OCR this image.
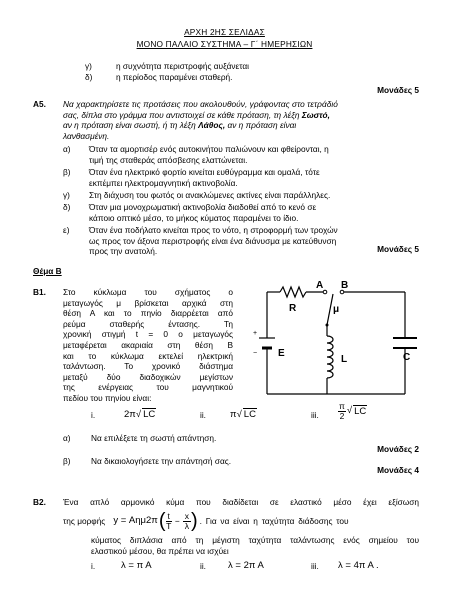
ΑΡΧΗ 2ΗΣ ΣΕΛΙΔΑΣ
ΜΟΝΟ ΠΑΛΑΙΟ ΣΥΣΤΗΜΑ – Γ΄ ΗΜΕΡΗΣΙΩΝ
γ)	η συχνότητα περιστροφής αυξάνεται
δ)	η περίοδος παραμένει σταθερή.
Μονάδες 5
Α5. Να χαρακτηρίσετε τις προτάσεις που ακολουθούν, γράφοντας στο τετράδιό
σας, δίπλα στο γράμμα που αντιστοιχεί σε κάθε πρόταση, τη λέξη Σωστό,
αν η πρόταση είναι σωστή, ή τη λέξη Λάθος, αν η πρόταση είναι
λανθασμένη.
α) Όταν τα αμορτισέρ ενός αυτοκινήτου παλιώνουν και φθείρονται, η
τιμή της σταθεράς απόσβεσης ελαττώνεται.
β) Όταν ένα ηλεκτρικό φορτίο κινείται ευθύγραμμα και ομαλά, τότε
εκπέμπει ηλεκτρομαγνητική ακτινοβολία.
γ) Στη διάχυση του φωτός οι ανακλώμενες ακτίνες είναι παράλληλες.
δ) Όταν μια μονοχρωματική ακτινοβολία διαδοθεί από το κενό σε
κάποιο οπτικό μέσο, το μήκος κύματος παραμένει το ίδιο.
ε) Όταν ένα ποδήλατο κινείται προς το νότο, η στροφορμή των τροχών
ως προς τον άξονα περιστροφής είναι ένα διάνυσμα με κατεύθυνση
προς την ανατολή.	Μονάδες 5
Θέμα Β
Β1. Στο κύκλωμα του σχήματος ο
μεταγωγός μ βρίσκεται αρχικά στη
θέση Α και το πηνίο διαρρέεται από
ρεύμα σταθερής έντασης. Τη
χρονική στιγμή t = 0 ο μεταγωγός
μεταφέρεται ακαριαία στη θέση Β
και το κύκλωμα εκτελεί ηλεκτρική
ταλάντωση. Το χρονικό διάστημα
μεταξύ δύο διαδοχικών μεγίστων
της ενέργειας του μαγνητικού
πεδίου του πηνίου είναι:
A B
R	μ
E
L	C
+
−
i.	2π√ LC	ii.	π√ LC	iii. $\frac{\pi}{2}$ √ LC
α) Να επιλέξετε τη σωστή απάντηση.
Μονάδες 2
β) Να δικαιολογήσετε την απάντησή σας.
Μονάδες 4
Β2. Ένα απλό αρμονικό κύμα που διαδίδεται σε ελαστικό μέσο έχει εξίσωση
της μορφής y = Αημ2π ( t
$T - \frac{x}{\lambda}$ ) . Για να είναι η ταχύτητα διάδοσης του
κύματος διπλάσια από τη μέγιστη ταχύτητα ταλάντωσης ενός σημείου του
ελαστικού μέσου, θα πρέπει να ισχύει
i.	λ = π Α	ii. λ = 2π Α	iii. λ = 4π Α .
